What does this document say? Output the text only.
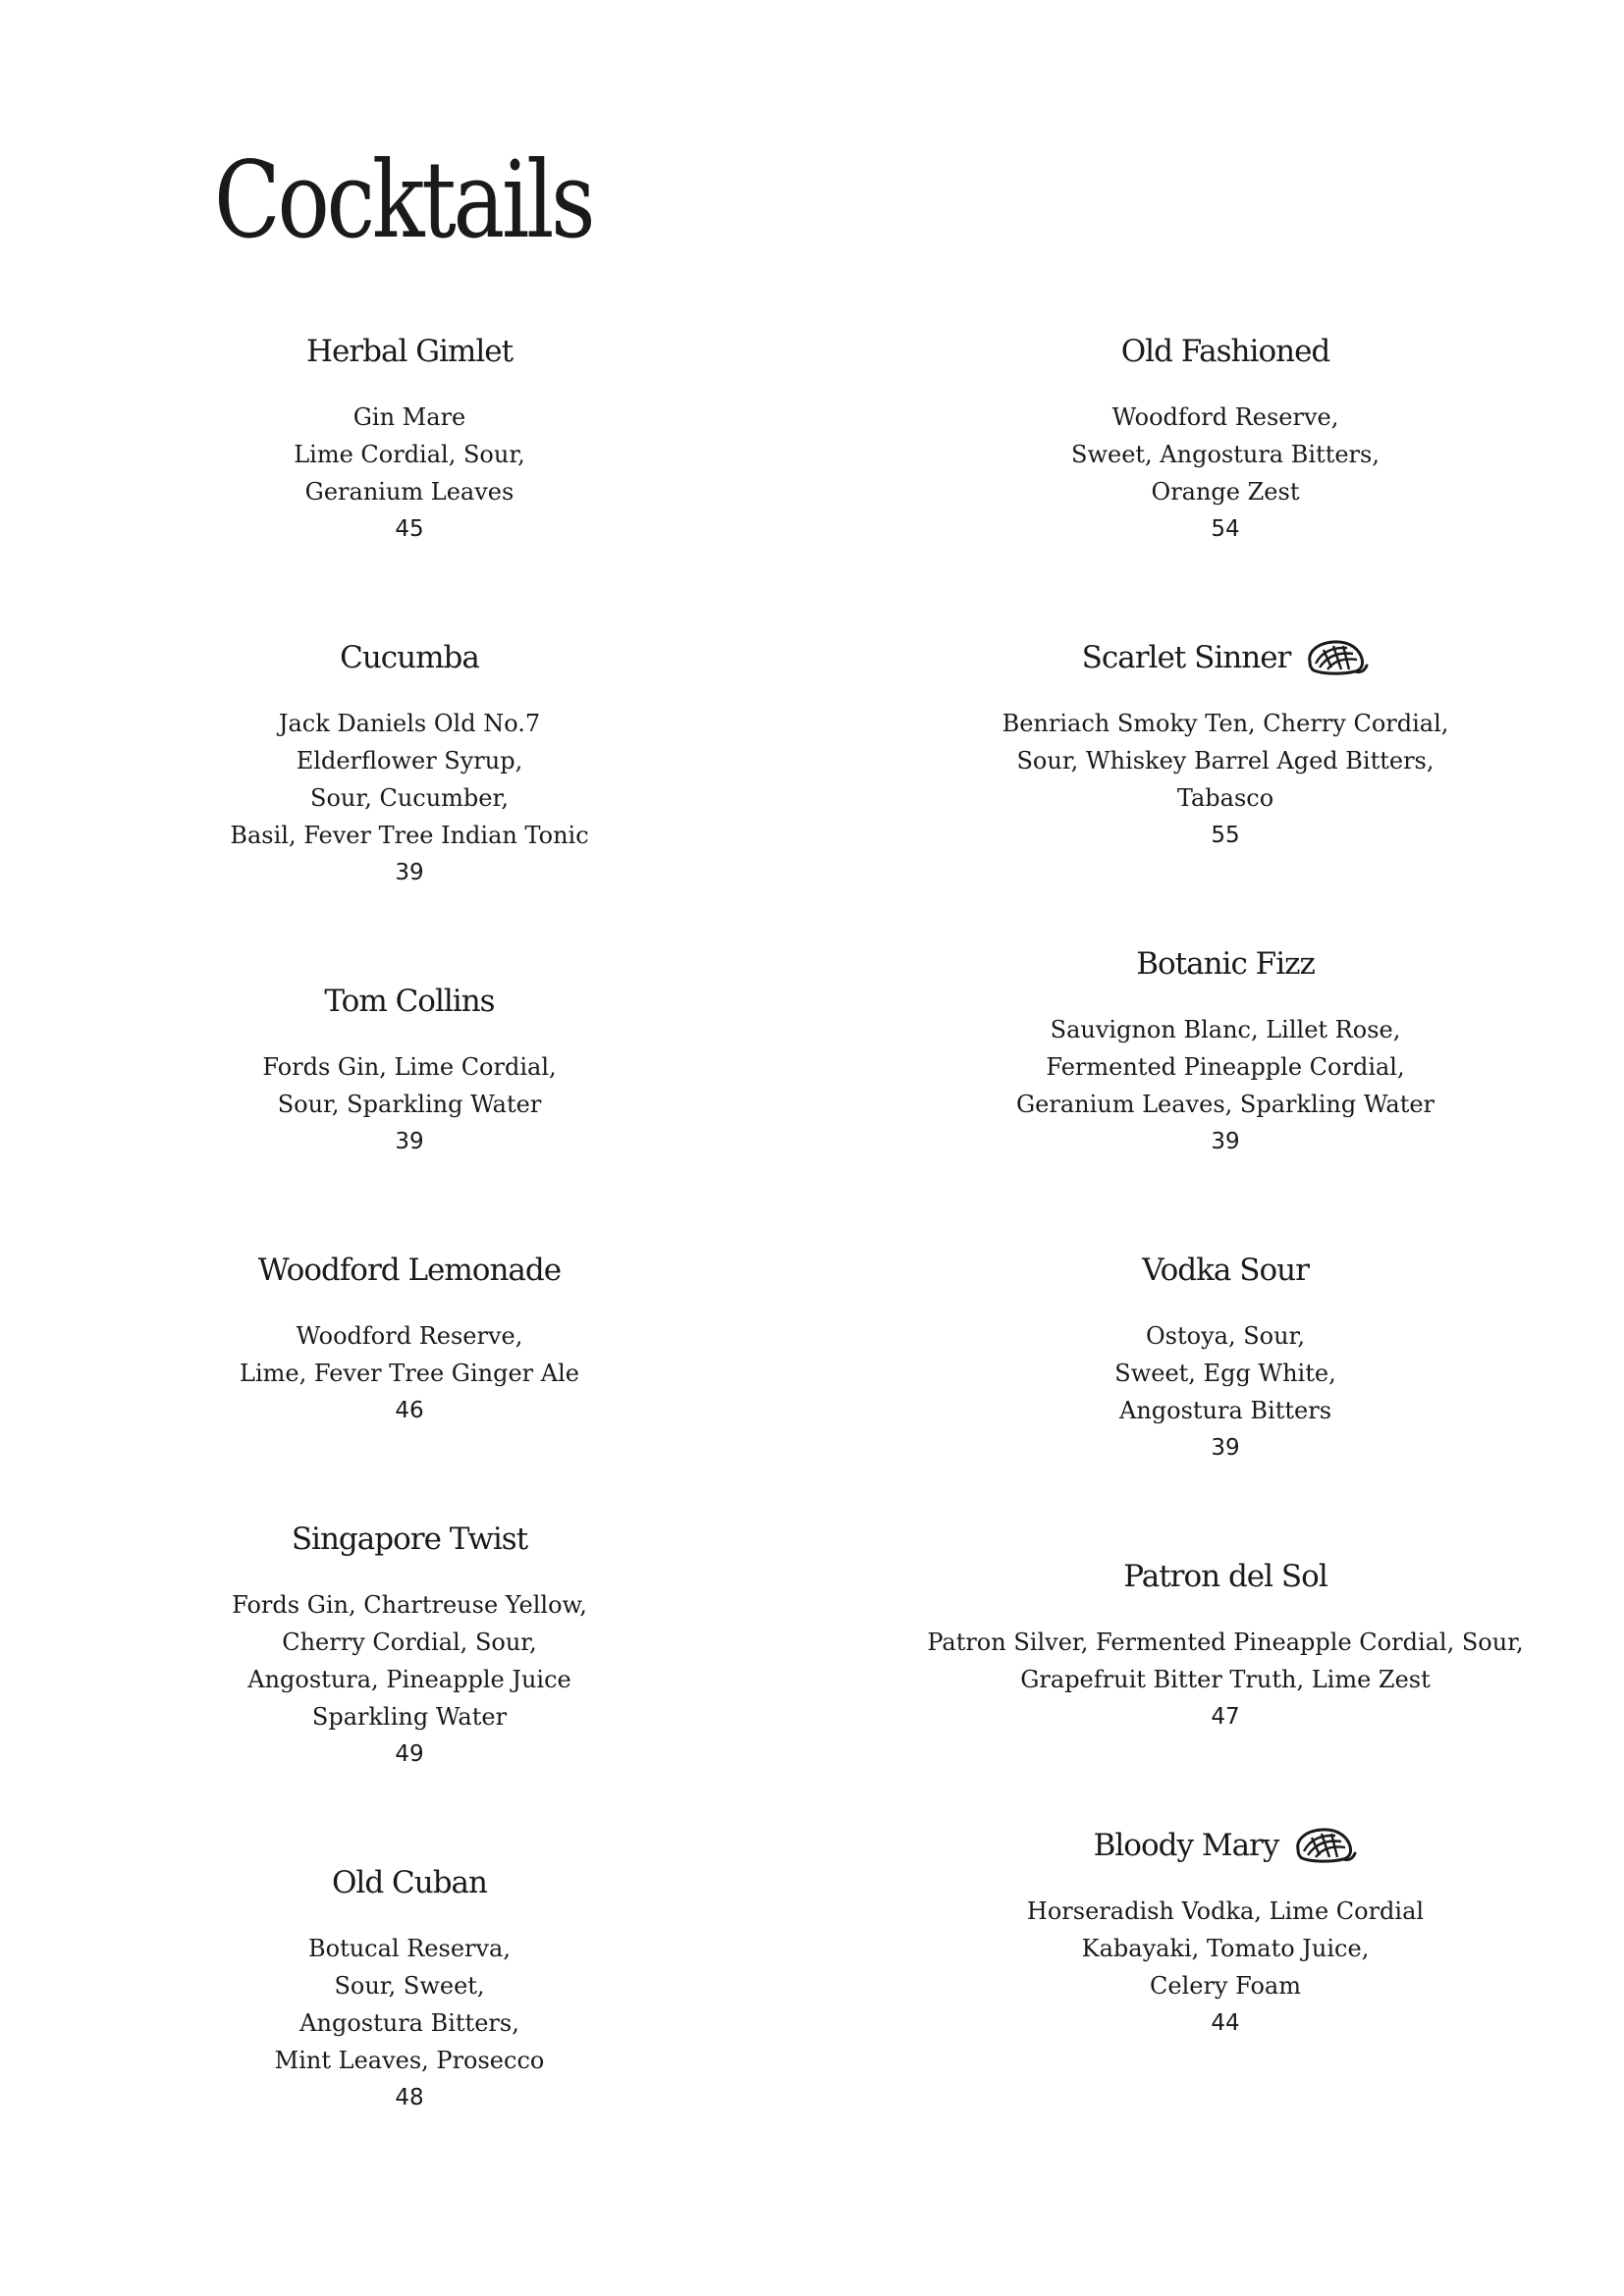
Cocktails
Herbal Gimlet
Gin Mare
Lime Cordial, Sour,
Geranium Leaves
45
Cucumba
Jack Daniels Old No.7
Elderflower Syrup,
Sour, Cucumber,
Basil, Fever Tree Indian Tonic
39
Tom Collins
Fords Gin, Lime Cordial,
Sour, Sparkling Water
39
Woodford Lemonade
Woodford Reserve,
Lime, Fever Tree Ginger Ale
46
Singapore Twist
Fords Gin, Chartreuse Yellow,
Cherry Cordial, Sour,
Angostura, Pineapple Juice
Sparkling Water
49
Old Cuban
Botucal Reserva,
Sour, Sweet,
Angostura Bitters,
Mint Leaves, Prosecco
48
Old Fashioned
Woodford Reserve,
Sweet, Angostura Bitters,
Orange Zest
54
Scarlet Sinner
Benriach Smoky Ten, Cherry Cordial,
Sour, Whiskey Barrel Aged Bitters,
Tabasco
55
Botanic Fizz
Sauvignon Blanc, Lillet Rose,
Fermented Pineapple Cordial,
Geranium Leaves, Sparkling Water
39
Vodka Sour
Ostoya, Sour,
Sweet, Egg White,
Angostura Bitters
39
Patron del Sol
Patron Silver, Fermented Pineapple Cordial, Sour,
Grapefruit Bitter Truth, Lime Zest
47
Bloody Mary
Horseradish Vodka, Lime Cordial
Kabayaki, Tomato Juice,
Celery Foam
44
